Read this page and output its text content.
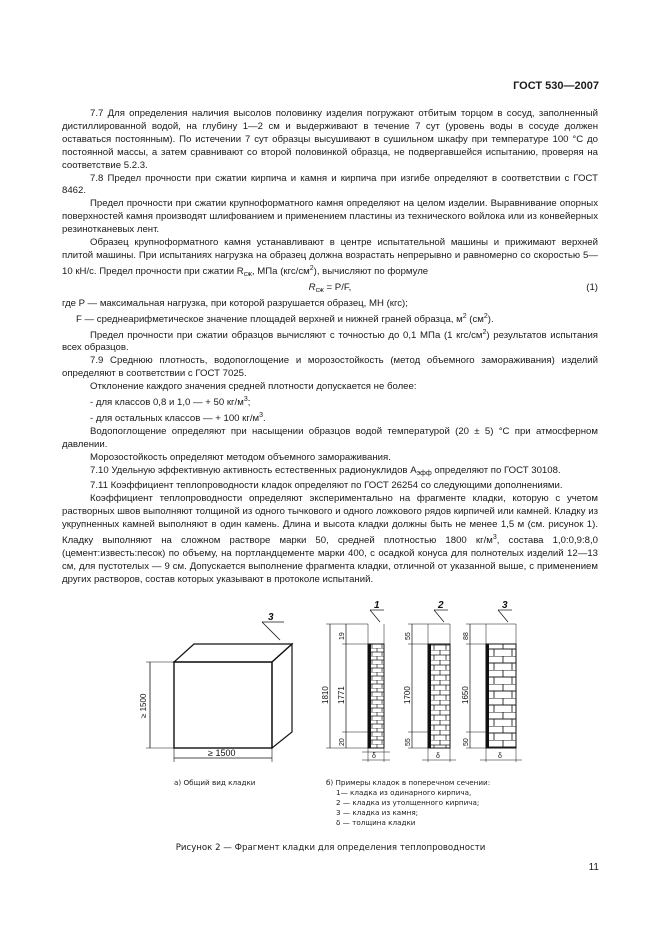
ГОСТ 530—2007

7.7 Для определения наличия высолов половинку изделия погружают отбитым торцом в сосуд, заполненный дистиллированной водой, на глубину 1—2 см и выдерживают в течение 7 сут (уровень воды в сосуде должен оставаться постоянным). По истечении 7 сут образцы высушивают в сушильном шкафу при температуре 100 °С до постоянной массы, а затем сравнивают со второй половинкой образца, не подвергавшейся испытанию, проверяя на соответствие 5.2.3.

7.8 Предел прочности при сжатии кирпича и камня и кирпича при изгибе определяют в соответствии с ГОСТ 8462.

Предел прочности при сжатии крупноформатного камня определяют на целом изделии. Выравнивание опорных поверхностей камня производят шлифованием и применением пластины из технического войлока или из конвейерных резинотканевых лент.

Образец крупноформатного камня устанавливают в центре испытательной машины и прижимают верхней плитой машины. При испытаниях нагрузка на образец должна возрастать непрерывно и равномерно со скоростью 5—10 кН/с. Предел прочности при сжатии $R_{сж}$, МПа $(кгс/см^2)$, вычисляют по формуле

$R_{сж} = P/F$,	(1)

где P — максимальная нагрузка, при которой разрушается образец, МН (кгс);

F — среднеарифметическое значение площадей верхней и нижней граней образца, $м^2$ $(см^2)$.

Предел прочности при сжатии образцов вычисляют с точностью до 0,1 МПа (1 кгс/$см^2$) результатов испытания всех образцов.

7.9 Среднюю плотность, водопоглощение и морозостойкость (метод объемного замораживания) изделий определяют в соответствии с ГОСТ 7025.

Отклонение каждого значения средней плотности допускается не более:

- для классов 0,8 и 1,0 — + 50 $кг/м^3$;

- для остальных классов — + 100 $кг/м^3$.

Водопоглощение определяют при насыщении образцов водой температурой (20 ± 5) °С при атмосферном давлении.

Морозостойкость определяют методом объемного замораживания.

7.10 Удельную эффективную активность естественных радионуклидов $A_{эфф}$ определяют по ГОСТ 30108.

7.11 Коэффициент теплопроводности кладок определяют по ГОСТ 26254 со следующими дополнениями.

Коэффициент теплопроводности определяют экспериментально на фрагменте кладки, которую с учетом растворных швов выполняют толщиной из одного тычкового и одного ложкового рядов кирпичей или камней. Кладку из укрупненных камней выполняют в один камень. Длина и высота кладки должны быть не менее 1,5 м (см. рисунок 1). Кладку выполняют на сложном растворе марки 50, средней плотностью 1800 $кг/м^3$, состава 1,0:0,9:8,0 (цемент:известь:песок) по объему, на портландцементе марки 400, с осадкой конуса для полнотелых изделий 12—13 см, для пустотелых — 9 см. Допускается выполнение фрагмента кладки, отличной от указанной выше, с применением других растворов, состав которых указывают в протоколе испытаний.

3
≥ 1500
≥ 1500
1	2	3
19
1810 1771
20
55
1700
55
88
1650
50
δ	δ	δ
а) Общий вид кладки	б) Примеры кладок в поперечном сечении:
1— кладка из одинарного кирпича,
2 — кладка из утолщенного кирпича;
3 — кладка из камня;
δ — толщина кладки
Рисунок 2 — Фрагмент кладки для определения теплопроводности
11
